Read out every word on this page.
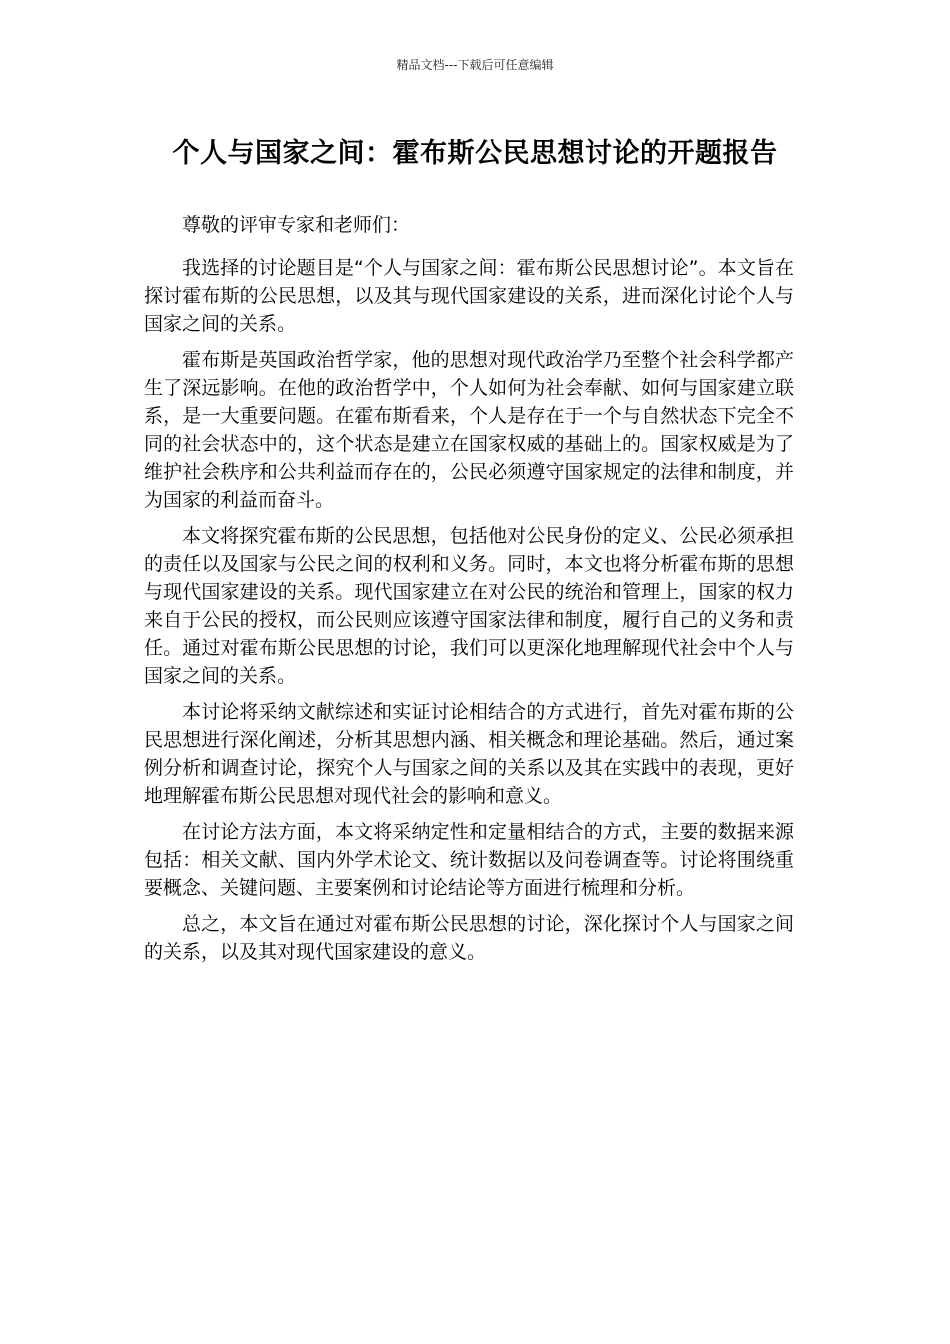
精品文档---下载后可任意编辑
个人与国家之间：霍布斯公民思想讨论的开题报告

尊敬的评审专家和老师们：

我选择的讨论题目是“个人与国家之间：霍布斯公民思想讨论”。本文旨在探讨霍布斯的公民思想，以及其与现代国家建设的关系，进而深化讨论个人与国家之间的关系。

霍布斯是英国政治哲学家，他的思想对现代政治学乃至整个社会科学都产生了深远影响。在他的政治哲学中，个人如何为社会奉献、如何与国家建立联系，是一大重要问题。在霍布斯看来，个人是存在于一个与自然状态下完全不同的社会状态中的，这个状态是建立在国家权威的基础上的。国家权威是为了维护社会秩序和公共利益而存在的，公民必须遵守国家规定的法律和制度，并为国家的利益而奋斗。

本文将探究霍布斯的公民思想，包括他对公民身份的定义、公民必须承担的责任以及国家与公民之间的权利和义务。同时，本文也将分析霍布斯的思想与现代国家建设的关系。现代国家建立在对公民的统治和管理上，国家的权力来自于公民的授权，而公民则应该遵守国家法律和制度，履行自己的义务和责任。通过对霍布斯公民思想的讨论，我们可以更深化地理解现代社会中个人与国家之间的关系。

本讨论将采纳文献综述和实证讨论相结合的方式进行，首先对霍布斯的公民思想进行深化阐述，分析其思想内涵、相关概念和理论基础。然后，通过案例分析和调查讨论，探究个人与国家之间的关系以及其在实践中的表现，更好地理解霍布斯公民思想对现代社会的影响和意义。

在讨论方法方面，本文将采纳定性和定量相结合的方式，主要的数据来源包括：相关文献、国内外学术论文、统计数据以及问卷调查等。讨论将围绕重要概念、关键问题、主要案例和讨论结论等方面进行梳理和分析。

总之，本文旨在通过对霍布斯公民思想的讨论，深化探讨个人与国家之间的关系，以及其对现代国家建设的意义。
